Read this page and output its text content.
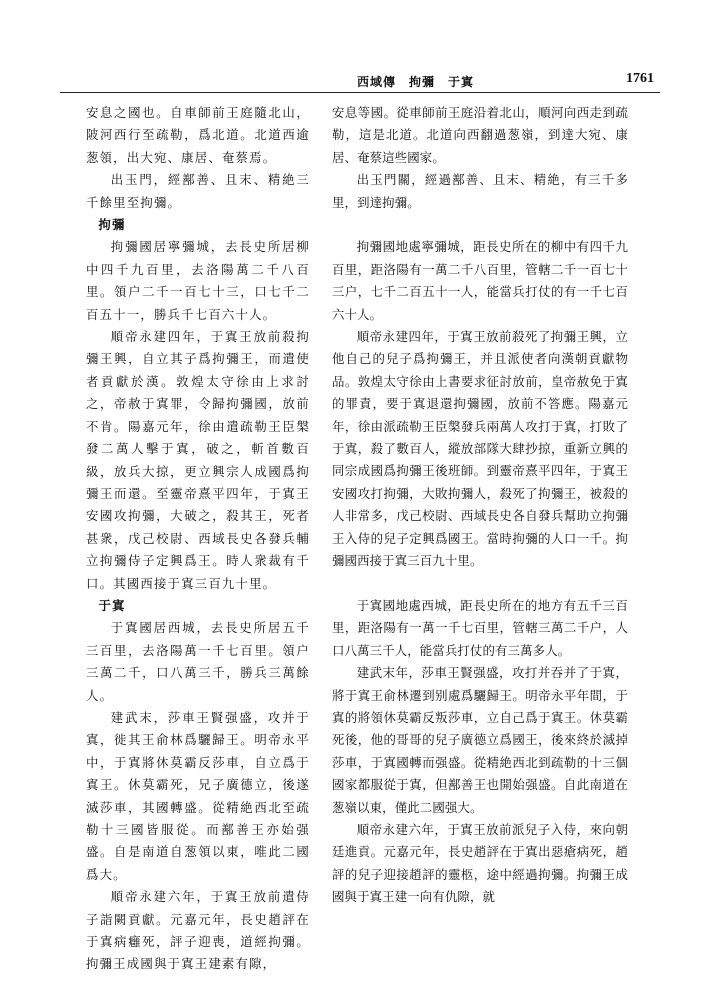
西域傳　拘彌　于寘	1761

安息之國也。自車師前王庭隨北山，陂河西行至疏勒，爲北道。北道西逾葱領，出大宛、康居、奄蔡焉。

出玉門，經鄯善、且末、精絶三千餘里至拘彌。

拘彌

拘彌國居寧彌城，去長史所居柳中四千九百里，去洛陽萬二千八百里。領户二千一百七十三，口七千二百五十一，勝兵千七百六十人。

順帝永建四年，于寘王放前殺拘彌王興，自立其子爲拘彌王，而遣使者貢獻於漢。敦煌太守徐由上求討之，帝赦于寘罪，令歸拘彌國，放前不肯。陽嘉元年，徐由遣疏勒王臣槃發二萬人擊于寘，破之，斬首數百級，放兵大掠，更立興宗人成國爲拘彌王而還。至靈帝熹平四年，于寘王安國攻拘彌，大破之，殺其王，死者甚衆，戊己校尉、西域長史各發兵輔立拘彌侍子定興爲王。時人衆裁有千口。其國西接于寘三百九十里。

于寘

于寘國居西城，去長史所居五千三百里，去洛陽萬一千七百里。領户三萬二千，口八萬三千，勝兵三萬餘人。

建武末，莎車王賢强盛，攻并于寘，徙其王俞林爲驪歸王。明帝永平中，于寘將休莫霸反莎車，自立爲于寘王。休莫霸死，兄子廣德立，後遂滅莎車，其國轉盛。從精絶西北至疏勒十三國皆服從。而鄯善王亦始强盛。自是南道自葱領以東，唯此二國爲大。

順帝永建六年，于寘王放前遣侍子詣闕貢獻。元嘉元年，長史趙評在于寘病癰死，評子迎喪，道經拘彌。拘彌王成國與于寘王建素有隙，

安息等國。從車師前王庭沿着北山，順河向西走到疏勒，這是北道。北道向西翻過葱嶺，到達大宛、康居、奄蔡這些國家。

出玉門關，經過鄯善、且末、精絶，有三千多里，到達拘彌。

拘彌國地處寧彌城，距長史所在的柳中有四千九百里，距洛陽有一萬二千八百里，管轄二千一百七十三户，七千二百五十一人，能當兵打仗的有一千七百六十人。

順帝永建四年，于寘王放前殺死了拘彌王興，立他自己的兒子爲拘彌王，并且派使者向漢朝貢獻物品。敦煌太守徐由上書要求征討放前，皇帝赦免于寘的罪責，要于寘退還拘彌國，放前不答應。陽嘉元年，徐由派疏勒王臣槃發兵兩萬人攻打于寘，打敗了于寘，殺了數百人，縱放部隊大肆抄掠，重新立興的同宗成國爲拘彌王後班師。到靈帝熹平四年，于寘王安國攻打拘彌，大敗拘彌人，殺死了拘彌王，被殺的人非常多，戊己校尉、西域長史各自發兵幫助立拘彌王入侍的兒子定興爲國王。當時拘彌的人口一千。拘彌國西接于寘三百九十里。

于寘國地處西城，距長史所在的地方有五千三百里，距洛陽有一萬一千七百里，管轄三萬二千户，人口八萬三千人，能當兵打仗的有三萬多人。

建武末年，莎車王賢强盛，攻打并吞并了于寘，將于寘王俞林遷到别處爲驪歸王。明帝永平年間，于寘的將領休莫霸反叛莎車，立自己爲于寘王。休莫霸死後，他的哥哥的兒子廣德立爲國王，後來終於滅掉莎車，于寘國轉而强盛。從精絶西北到疏勒的十三個國家都服從于寘，但鄯善王也開始强盛。自此南道在葱嶺以東，僅此二國强大。

順帝永建六年，于寘王放前派兒子入侍，來向朝廷進貢。元嘉元年，長史趙評在于寘出惡瘡病死，趙評的兒子迎接趙評的靈柩，途中經過拘彌。拘彌王成國與于寘王建一向有仇隙，就
